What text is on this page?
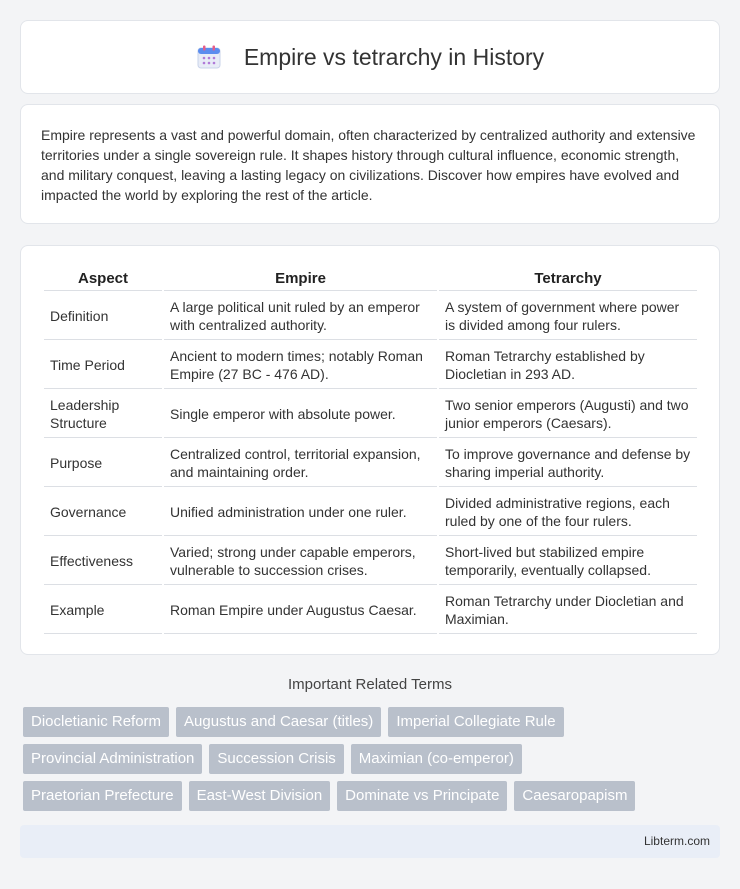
Empire vs tetrarchy in History

Empire represents a vast and powerful domain, often characterized by centralized authority and extensive territories under a single sovereign rule. It shapes history through cultural influence, economic strength, and military conquest, leaving a lasting legacy on civilizations. Discover how empires have evolved and impacted the world by exploring the rest of the article.

Aspect	Empire	Tetrarchy
Definition	A large political unit ruled by an emperor with centralized authority.	A system of government where power is divided among four rulers.
Time Period	Ancient to modern times; notably Roman Empire (27 BC - 476 AD).	Roman Tetrarchy established by Diocletian in 293 AD.
Leadership Structure	Single emperor with absolute power.	Two senior emperors (Augusti) and two junior emperors (Caesars).
Purpose	Centralized control, territorial expansion, and maintaining order.	To improve governance and defense by sharing imperial authority.
Governance	Unified administration under one ruler.	Divided administrative regions, each ruled by one of the four rulers.
Effectiveness	Varied; strong under capable emperors, vulnerable to succession crises.	Short-lived but stabilized empire temporarily, eventually collapsed.
Example	Roman Empire under Augustus Caesar.	Roman Tetrarchy under Diocletian and Maximian.
Important Related Terms
Diocletianic Reform	Augustus and Caesar (titles)	Imperial Collegiate Rule
Provincial Administration	Succession Crisis	Maximian (co-emperor)
Praetorian Prefecture	East-West Division	Dominate vs Principate	Caesaropapism
Libterm.com
